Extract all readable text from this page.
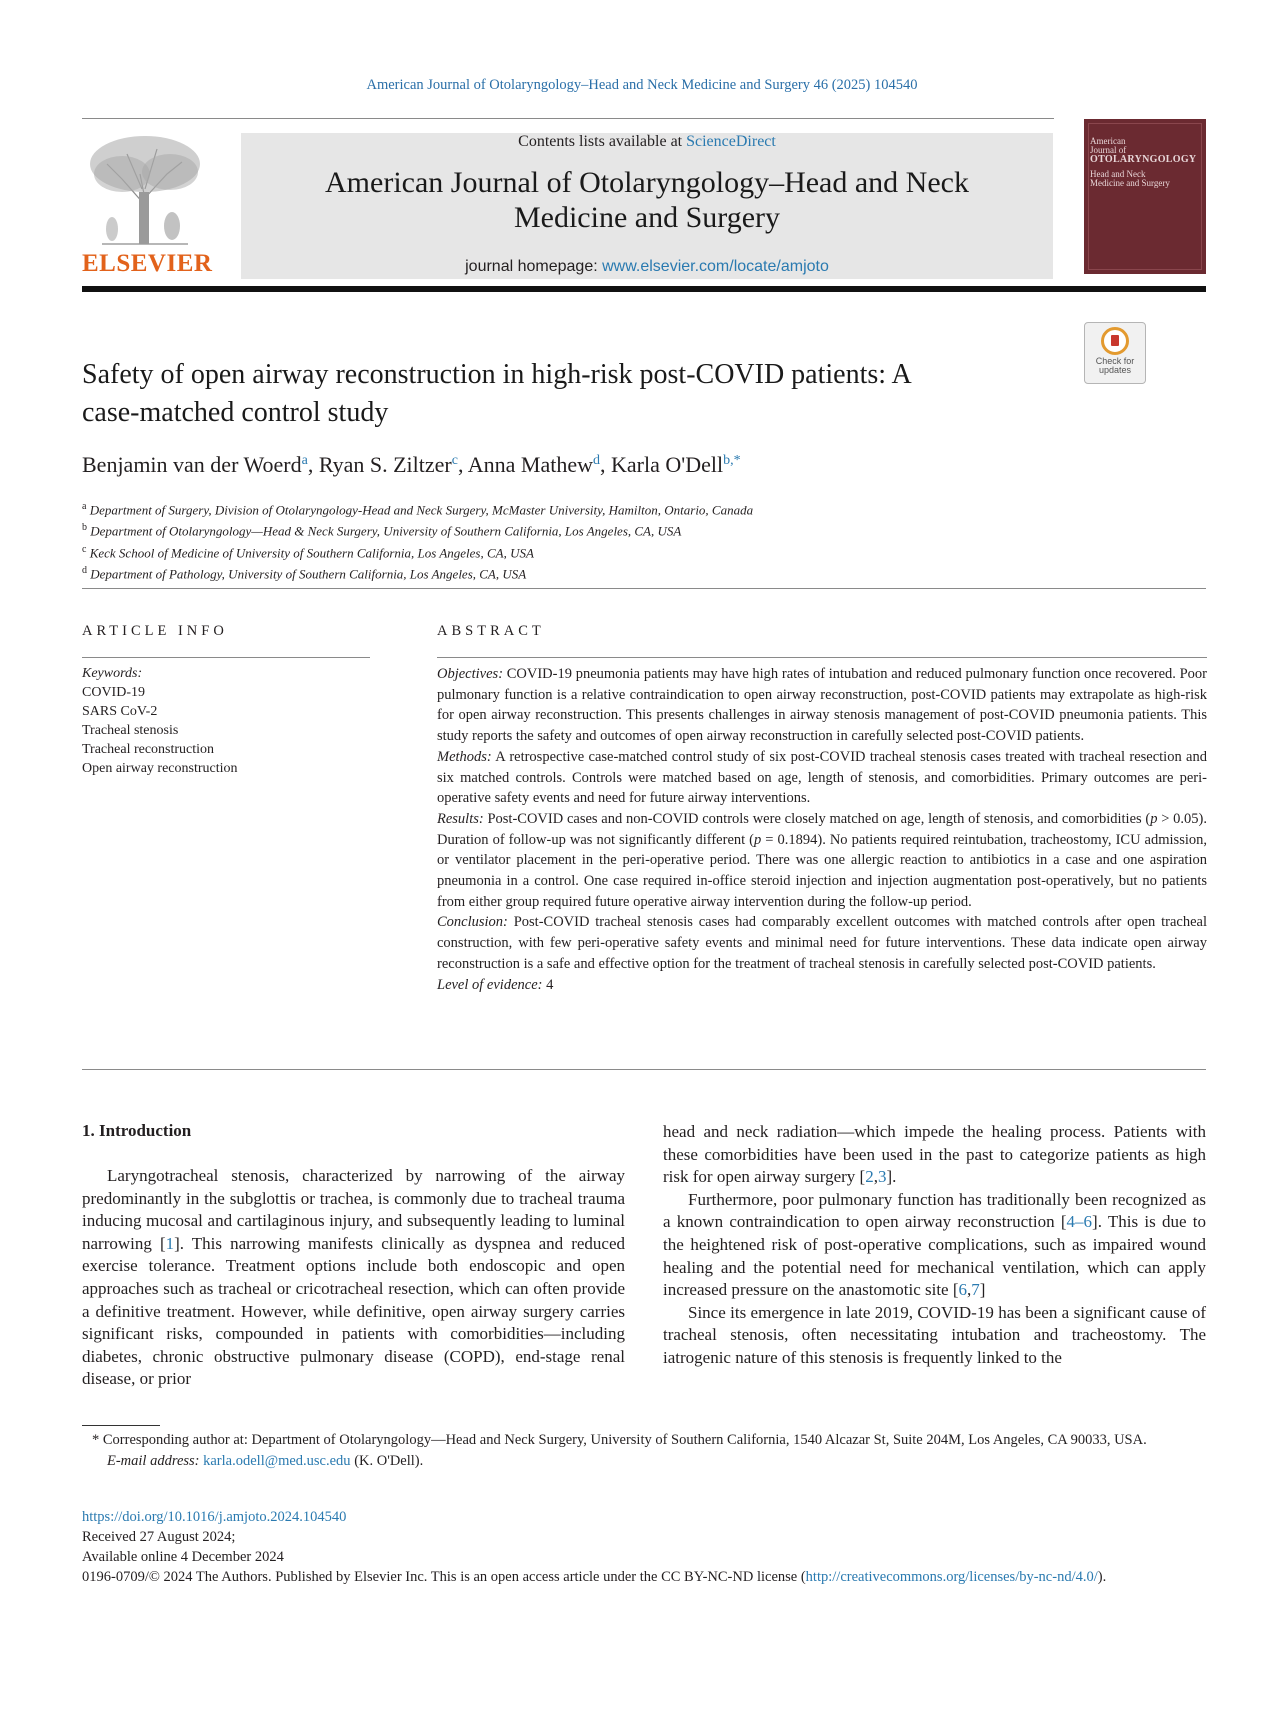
American Journal of Otolaryngology–Head and Neck Medicine and Surgery 46 (2025) 104540
ELSEVIER
Contents lists available at ScienceDirect
American Journal of Otolaryngology–Head and Neck
Medicine and Surgery
journal homepage: www.elsevier.com/locate/amjoto
American
Journal of
OTOLARYNGOLOGY
Head and Neck
Medicine and Surgery
Check for
updates
Safety of open airway reconstruction in high-risk post-COVID patients: A
case-matched control study
Benjamin van der Woerd$^a$, Ryan S. Ziltzer$^c$, Anna Mathew$^d$, Karla O'Dell$^{b,*}$
$^a$ Department of Surgery, Division of Otolaryngology-Head and Neck Surgery, McMaster University, Hamilton, Ontario, Canada
$^b$ Department of Otolaryngology—Head & Neck Surgery, University of Southern California, Los Angeles, CA, USA
$^c$ Keck School of Medicine of University of Southern California, Los Angeles, CA, USA
$^d$ Department of Pathology, University of Southern California, Los Angeles, CA, USA
ARTICLE INFO	ABSTRACT
Keywords:
COVID-19
SARS CoV-2
Tracheal stenosis
Tracheal reconstruction
Open airway reconstruction
Objectives: COVID-19 pneumonia patients may have high rates of intubation and reduced pulmonary function once recovered. Poor pulmonary function is a relative contraindication to open airway reconstruction, post-COVID patients may extrapolate as high-risk for open airway reconstruction. This presents challenges in airway stenosis management of post-COVID pneumonia patients. This study reports the safety and outcomes of open airway reconstruction in carefully selected post-COVID patients.
Methods: A retrospective case-matched control study of six post-COVID tracheal stenosis cases treated with tracheal resection and six matched controls. Controls were matched based on age, length of stenosis, and comorbidities. Primary outcomes are peri-operative safety events and need for future airway interventions.
Results: Post-COVID cases and non-COVID controls were closely matched on age, length of stenosis, and comorbidities (p > 0.05). Duration of follow-up was not significantly different (p = 0.1894). No patients required reintubation, tracheostomy, ICU admission, or ventilator placement in the peri-operative period. There was one allergic reaction to antibiotics in a case and one aspiration pneumonia in a control. One case required in-office steroid injection and injection augmentation post-operatively, but no patients from either group required future operative airway intervention during the follow-up period.
Conclusion: Post-COVID tracheal stenosis cases had comparably excellent outcomes with matched controls after open tracheal construction, with few peri-operative safety events and minimal need for future interventions. These data indicate open airway reconstruction is a safe and effective option for the treatment of tracheal stenosis in carefully selected post-COVID patients.
Level of evidence: 4
1. Introduction

Laryngotracheal stenosis, characterized by narrowing of the airway predominantly in the subglottis or trachea, is commonly due to tracheal trauma inducing mucosal and cartilaginous injury, and subsequently leading to luminal narrowing [1]. This narrowing manifests clinically as dyspnea and reduced exercise tolerance. Treatment options include both endoscopic and open approaches such as tracheal or cricotracheal resection, which can often provide a definitive treatment. However, while definitive, open airway surgery carries significant risks, compounded in patients with comorbidities—including diabetes, chronic obstructive pulmonary disease (COPD), end-stage renal disease, or prior

head and neck radiation—which impede the healing process. Patients with these comorbidities have been used in the past to categorize patients as high risk for open airway surgery [2,3].

Furthermore, poor pulmonary function has traditionally been recognized as a known contraindication to open airway reconstruction [4–6]. This is due to the heightened risk of post-operative complications, such as impaired wound healing and the potential need for mechanical ventilation, which can apply increased pressure on the anastomotic site [6,7]

Since its emergence in late 2019, COVID-19 has been a significant cause of tracheal stenosis, often necessitating intubation and tracheostomy. The iatrogenic nature of this stenosis is frequently linked to the

* Corresponding author at: Department of Otolaryngology—Head and Neck Surgery, University of Southern California, 1540 Alcazar St, Suite 204M, Los Angeles, CA 90033, USA.
E-mail address: karla.odell@med.usc.edu (K. O'Dell).
https://doi.org/10.1016/j.amjoto.2024.104540
Received 27 August 2024;
Available online 4 December 2024
0196-0709/© 2024 The Authors. Published by Elsevier Inc. This is an open access article under the CC BY-NC-ND license (http://creativecommons.org/licenses/by-nc-nd/4.0/).
